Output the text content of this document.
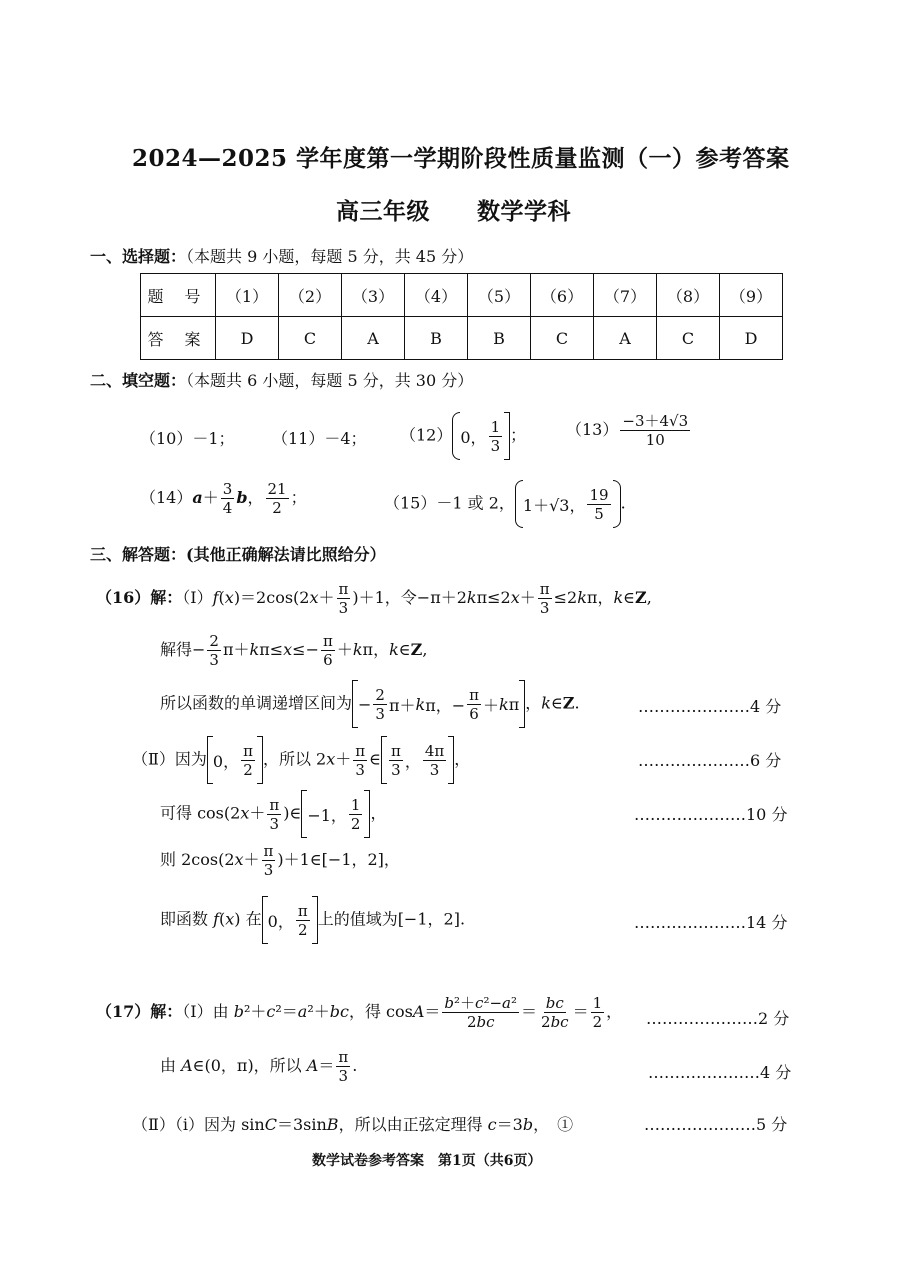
2024—2025 学年度第一学期阶段性质量监测（一）参考答案
高三年级　　数学学科
一、选择题：（本题共 9 小题，每题 5 分，共 45 分）
题 号	（1）	（2）	（3）	（4）	（5）	（6）	（7）	（8）	（9）
答 案	D	C	A	B	B	C	A	C	D
二、填空题：（本题共 6 小题，每题 5 分，共 30 分）
（10）－1； （11）－4； （12） 0， $\frac{1}{3}$ ； $(13) \frac{-3+4√3}{10}$
$(14)a+ \frac{3}{4}$ b， $\frac{21}{2}$ ；	（15）－1 或 2， 1＋√3， $\frac{19}{5}$ .
三、解答题：(其他正确解法请比照给分）
（16）解：（Ⅰ）f(x)＝2cos(2x＋ $\frac{\pi}{3} )+1$，令$-\pi+2k\pi\le 2x+ \frac{\pi}{3} \le 2k\pi$，k∈Z,
解得− $\frac{2}{3} \pi+k\pi\le x\le- \frac{\pi}{6} +k\pi$，k∈Z,
所以函数的单调递增区间为 − $\frac{2}{3} \pi+ k$ π，− $\frac{\pi}{6} + k$ π ，k∈Z.	…………………4 分
（Ⅱ）因为 0， $\frac{\pi}{2}$ ，所以 $2x+ \frac{\pi}{3}$ ∈ $\frac{\pi}{3}$ ， $\frac{4\pi}{3}$ ，	…………………6 分
可得 $\cos(2x+ \frac{\pi}{3}$ )∈ −1， $\frac{1}{2}$ ，	…………………10 分
则 $2\cos(2x+ \frac{\pi}{3}$ )＋1∈[−1，2]，
即函数 f(x) 在 0， $\frac{\pi}{2}$ 上的值域为[−1，2].	…………………14 分
（17）解：（Ⅰ）由 b²＋c²＝a²＋bc，得 $\cos A= \frac{\text{b²＋c²−a²}}{2bc} = \frac{bc}{2bc} = \frac{1}{2}$ ， …………………2 分
由 A∈(0，π)，所以 $A= \frac{\pi}{3}$ .	…………………4 分
（Ⅱ）（ⅰ）因为 sinC＝3sinB，所以由正弦定理得 c＝3b，　①	…………………5 分
数学试卷参考答案　第1页（共6页）
